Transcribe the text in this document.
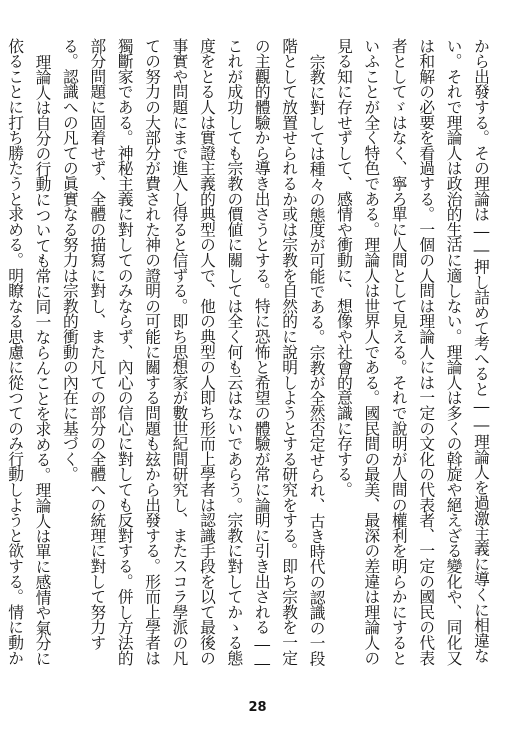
から出發する。その理論は――押し詰めて考へると――理論人を過激主義に導くに相違ない。それで理論人は政治的生活に適しない。理論人は多くの斡旋や絕えざる變化や、同化又は和解の必要を看過する。一個の人間は理論人には一定の文化の代表者、一定の國民の代表者としてゞはなく、寧ろ單に人間として見える。それで說明が人間の權利を明らかにするといふことが全く特色である。理論人は世界人である。國民間の最美、最深の差違は理論人の見る知に存せずして、感情や衝動に、想像や社會的意識に存する。

宗教に對しては種々の態度が可能である。宗教が全然否定せられ、古き時代の認識の一段階として放置せられるか或は宗教を自然的に說明しようとする研究をする。即ち宗教を一定の主觀的體驗から導き出さうとする。特に恐怖と希望の體驗が常に論明に引き出される――これが成功しても宗教の價値に關しては全く何も云はないであらう。宗教に對してかゝる態度をとる人は實證主義的典型の人で、他の典型の人即ち形而上學者は認識手段を以て最後の事實や問題にまで進入し得ると信ずる。即ち思想家が數世紀間研究し、またスコラ學派の凡ての努力の大部分が費された神の證明の可能に關する問題も玆から出發する。形而上學者は獨斷家である。神秘主義に對してのみならず、內心の信心に對しても反對する。併し方法的部分問題に固着せず、全體の描寫に對し、また凡ての部分の全體への統理に對して努力する。認識への凡ての眞實なる努力は宗教的衝動の內在に基づく。

理論人は自分の行動についても常に同一ならんことを求める。理論人は單に感情や氣分に依ることに打ち勝たうと求める。明瞭なる思慮に從つてのみ行動しようと欲する。情に動か

28
